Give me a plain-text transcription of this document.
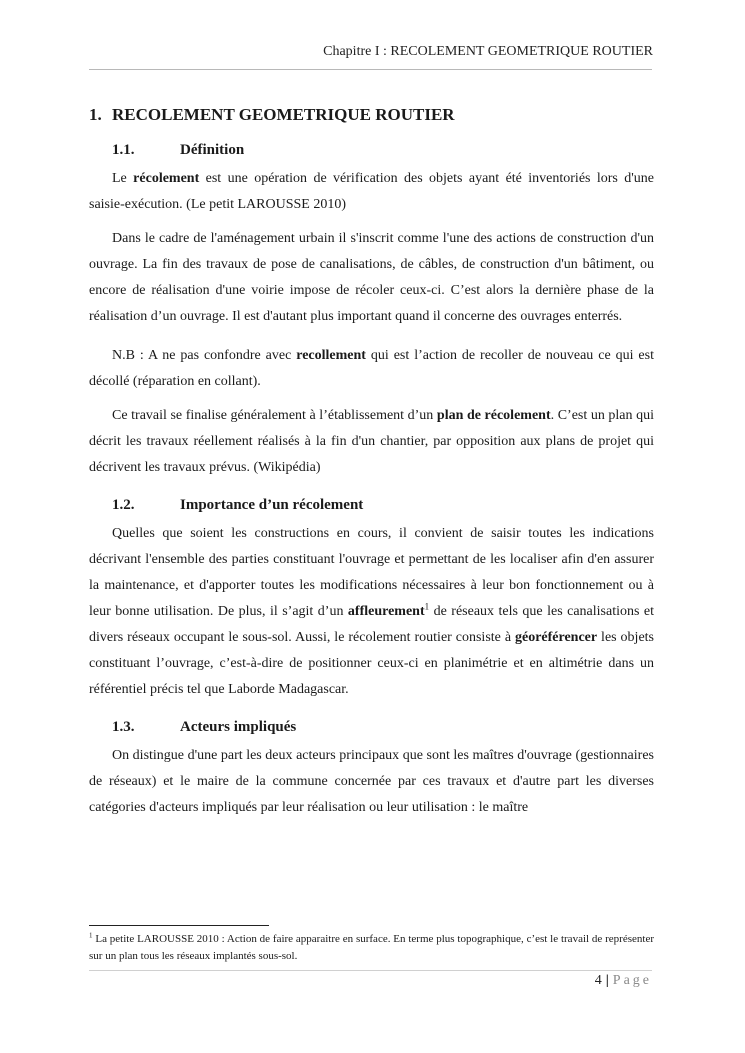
Chapitre I : RECOLEMENT GEOMETRIQUE ROUTIER
1. RECOLEMENT GEOMETRIQUE ROUTIER
1.1.	Définition

Le récolement est une opération de vérification des objets ayant été inventoriés lors d'une saisie-exécution. (Le petit LAROUSSE 2010)

Dans le cadre de l'aménagement urbain il s'inscrit comme l'une des actions de construction d'un ouvrage. La fin des travaux de pose de canalisations, de câbles, de construction d'un bâtiment, ou encore de réalisation d'une voirie impose de récoler ceux-ci. C’est alors la dernière phase de la réalisation d’un ouvrage. Il est d'autant plus important quand il concerne des ouvrages enterrés.

N.B : A ne pas confondre avec recollement qui est l’action de recoller de nouveau ce qui est décollé (réparation en collant).

Ce travail se finalise généralement à l’établissement d’un plan de récolement. C’est un plan qui décrit les travaux réellement réalisés à la fin d'un chantier, par opposition aux plans de projet qui décrivent les travaux prévus. (Wikipédia)

1.2.	Importance d’un récolement

Quelles que soient les constructions en cours, il convient de saisir toutes les indications décrivant l'ensemble des parties constituant l'ouvrage et permettant de les localiser afin d'en assurer la maintenance, et d'apporter toutes les modifications nécessaires à leur bon fonctionnement ou à leur bonne utilisation. De plus, il s’agit d’un affleurement$^1$ de réseaux tels que les canalisations et divers réseaux occupant le sous-sol. Aussi, le récolement routier consiste à géoréférencer les objets constituant l’ouvrage, c’est-à-dire de positionner ceux-ci en planimétrie et en altimétrie dans un référentiel précis tel que Laborde Madagascar.

1.3.	Acteurs impliqués

On distingue d'une part les deux acteurs principaux que sont les maîtres d'ouvrage (gestionnaires de réseaux) et le maire de la commune concernée par ces travaux et d'autre part les diverses catégories d'acteurs impliqués par leur réalisation ou leur utilisation : le maître

$^1$ La petite LAROUSSE 2010 : Action de faire apparaitre en surface. En terme plus topographique, c’est le travail de représenter sur un plan tous les réseaux implantés sous-sol.
4 | Page
